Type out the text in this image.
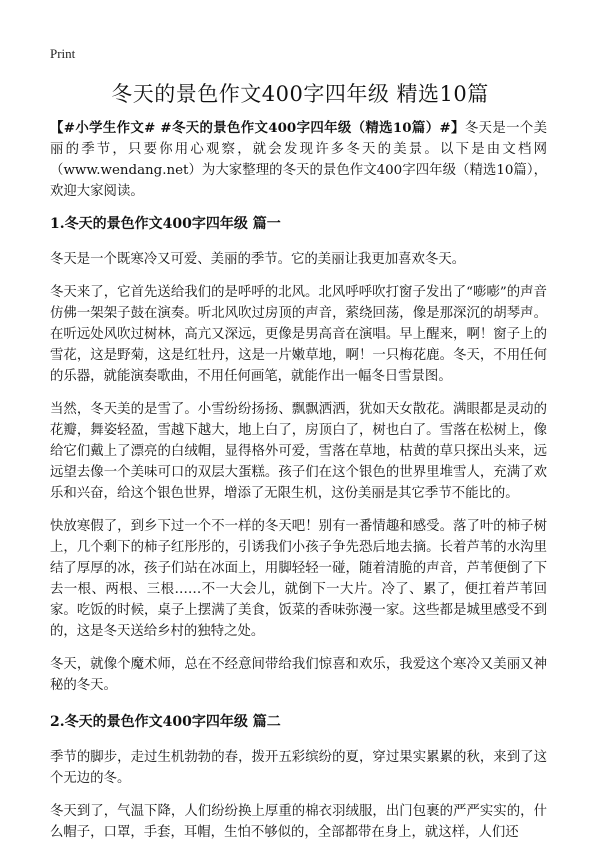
Print
冬天的景色作文400字四年级 精选10篇

【#小学生作文# #冬天的景色作文400字四年级（精选10篇）#】冬天是一个美丽的季节，只要你用心观察，就会发现许多冬天的美景。以下是由文档网（www.wendang.net）为大家整理的冬天的景色作文400字四年级（精选10篇），欢迎大家阅读。

1.冬天的景色作文400字四年级 篇一

冬天是一个既寒冷又可爱、美丽的季节。它的美丽让我更加喜欢冬天。

冬天来了，它首先送给我们的是呼呼的北风。北风呼呼吹打窗子发出了“嘭嘭”的声音仿佛一架架子鼓在演奏。听北风吹过房顶的声音，萦绕回荡，像是那深沉的胡琴声。在听远处风吹过树林，高亢又深远，更像是男高音在演唱。早上醒来，啊！窗子上的雪花，这是野菊，这是红牡丹，这是一片嫩草地，啊！一只梅花鹿。冬天，不用任何的乐器，就能演奏歌曲，不用任何画笔，就能作出一幅冬日雪景图。

当然，冬天美的是雪了。小雪纷纷扬扬、飘飘洒洒，犹如天女散花。满眼都是灵动的花瓣，舞姿轻盈，雪越下越大，地上白了，房顶白了，树也白了。雪落在松树上，像给它们戴上了漂亮的白绒帽，显得格外可爱，雪落在草地，枯黄的草只探出头来，远远望去像一个美味可口的双层大蛋糕。孩子们在这个银色的世界里堆雪人，充满了欢乐和兴奋，给这个银色世界，增添了无限生机，这份美丽是其它季节不能比的。

快放寒假了，到乡下过一个不一样的冬天吧！别有一番情趣和感受。落了叶的柿子树上，几个剩下的柿子红彤彤的，引诱我们小孩子争先恐后地去摘。长着芦苇的水沟里结了厚厚的冰，孩子们站在冰面上，用脚轻轻一碰，随着清脆的声音，芦苇便倒了下去一根、两根、三根……不一大会儿，就倒下一大片。冷了、累了，便扛着芦苇回家。吃饭的时候，桌子上摆满了美食，饭菜的香味弥漫一家。这些都是城里感受不到的，这是冬天送给乡村的独特之处。

冬天，就像个魔术师，总在不经意间带给我们惊喜和欢乐，我爱这个寒冷又美丽又神秘的冬天。

2.冬天的景色作文400字四年级 篇二

季节的脚步，走过生机勃勃的春，拨开五彩缤纷的夏，穿过果实累累的秋，来到了这个无边的冬。

冬天到了，气温下降，人们纷纷换上厚重的棉衣羽绒服，出门包裹的严严实实的，什么帽子，口罩，手套，耳帽，生怕不够似的，全部都带在身上，就这样，人们还
